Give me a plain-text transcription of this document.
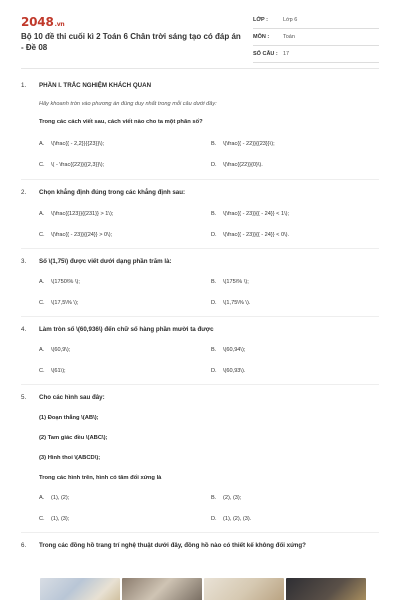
2048.vn
Bộ 10 đề thi cuối kì 2 Toán 6 Chân trời sáng tạo có đáp án - Đề 08
LỚP :	Lớp 6
MÔN :	Toán
SỐ CÂU : 17
1. PHẦN I. TRẮC NGHIỆM KHÁCH QUAN
Hãy khoanh tròn vào phương án đúng duy nhất trong mỗi câu dưới đây:
Trong các cách viết sau, cách viết nào cho ta một phân số?
A.	\(\frac{{ - 2,2}}{{23}}\);	B.	\(\frac{{ - 22}}{{23}}\);
C.	\( - \frac{{22}}{{2,3}}\);	D.	\(\frac{{22}}{0}\).
2. Chọn khẳng định đúng trong các khẳng định sau:
A.	\(\frac{{123}}{{231}} > 1\);	B.	\(\frac{{ - 23}}{{ - 24}} < 1\);
C.	\(\frac{{ - 23}}{{24}} > 0\);	D.	\(\frac{{ - 23}}{{ - 24}} < 0\).
3. Số \(1,75\) được viết dưới dạng phần trăm là:
A.	\(1750\% \);	B.	\(175\% \);
C.	\(17,5\% \);	D.	\(1,75\% \).
4. Làm tròn số \(60,936\) đến chữ số hàng phần mười ta được
A.	\(60,9\);	B.	\(60,94\);
C.	\(61\);	D.	\(60,93\).
5. Cho các hình sau đây:
(1) Đoạn thẳng \(AB\);
(2) Tam giác đều \(ABC\);
(3) Hình thoi \(ABCD\);
Trong các hình trên, hình có tâm đối xứng là
A.	(1), (2);	B.	(2), (3);
C.	(1), (3);	D.	(1), (2), (3).
6. Trong các đồng hồ trang trí nghệ thuật dưới đây, đồng hồ nào có thiết kế không đối xứng?
